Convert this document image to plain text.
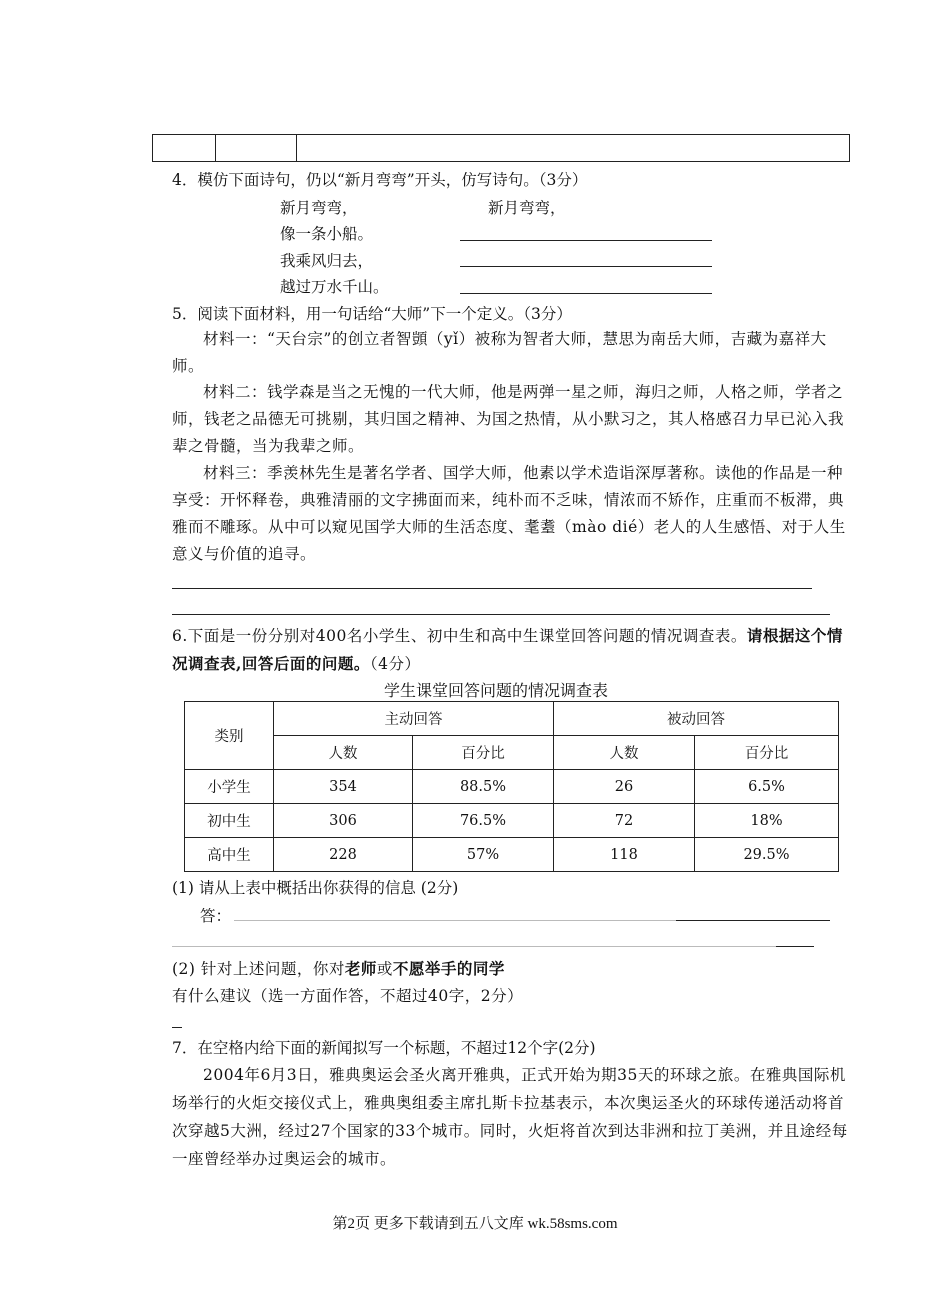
4．模仿下面诗句，仍以“新月弯弯”开头，仿写诗句。（3分）
新月弯弯，	新月弯弯，
像一条小船。
我乘风归去，
越过万水千山。
5．阅读下面材料，用一句话给“大师”下一个定义。（3分）
材料一：“天台宗”的创立者智顗（yǐ）被称为智者大师，慧思为南岳大师，吉藏为嘉祥大师。
材料二：钱学森是当之无愧的一代大师，他是两弹一星之师，海归之师，人格之师，学者之师，钱老之品德无可挑剔，其归国之精神、为国之热情，从小默习之，其人格感召力早已沁入我辈之骨髓，当为我辈之师。
材料三：季羡林先生是著名学者、国学大师，他素以学术造诣深厚著称。读他的作品是一种享受：开怀释卷，典雅清丽的文字拂面而来，纯朴而不乏味，情浓而不矫作，庄重而不板滞，典雅而不雕琢。从中可以窥见国学大师的生活态度、耄耋（mào dié）老人的人生感悟、对于人生意义与价值的追寻。
6.下面是一份分别对400名小学生、初中生和高中生课堂回答问题的情况调查表。请根据这个情况调查表,回答后面的问题。（4分）
学生课堂回答问题的情况调查表
类别	主动回答		被动回答	
	人数	百分比	人数	百分比
小学生	354	88.5%	26	6.5%
初中生	306	76.5%	72	18%
高中生	228	57%	118	29.5%
(1) 请从上表中概括出你获得的信息 (2分)
答：
(2) 针对上述问题，你对老师或不愿举手的同学有什么建议（选一方面作答，不超过40字，2分）
7．在空格内给下面的新闻拟写一个标题，不超过12个字(2分)
2004年6月3日，雅典奥运会圣火离开雅典，正式开始为期35天的环球之旅。在雅典国际机场举行的火炬交接仪式上，雅典奥组委主席扎斯卡拉基表示，本次奥运圣火的环球传递活动将首次穿越5大洲，经过27个国家的33个城市。同时，火炬将首次到达非洲和拉丁美洲，并且途经每一座曾经举办过奥运会的城市。
第2页 更多下载请到五八文库 wk.58sms.com
